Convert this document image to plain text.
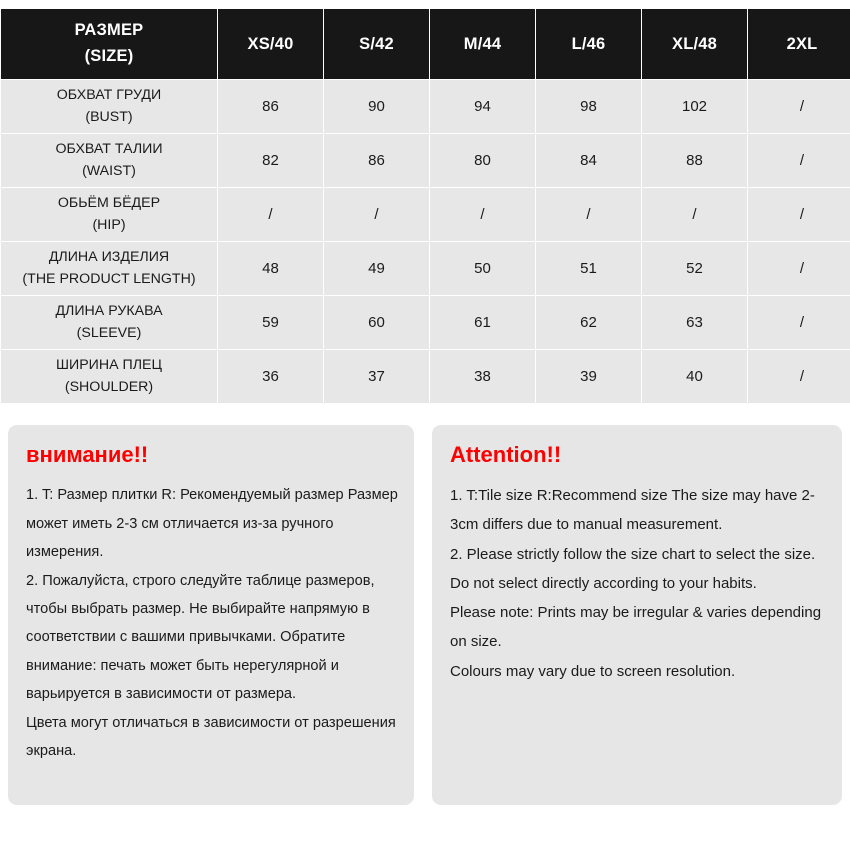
РАЗМЕР
(SIZE)	XS/40	S/42	M/44	L/46	XL/48	2XL

ОБХВАТ ГРУДИ
(BUST)	86	90	94	98	102	/

ОБХВАТ ТАЛИИ
(WAIST)	82	86	80	84	88	/

ОБЬЁМ БЁДЕР
(HIP)	/	/	/	/	/	/

ДЛИНА ИЗДЕЛИЯ
(THE PRODUCT LENGTH)	48	49	50	51	52	/

ДЛИНА РУКАВА
(SLEEVE)	59	60	61	62	63	/

ШИРИНА ПЛЕЦ
(SHOULDER)	36	37	38	39	40	/
внимание!!

1. T: Размер плитки R: Рекомендуемый размер Размер может иметь 2-3 см отличается из-за ручного измерения.

2. Пожалуйста, строго следуйте таблице размеров, чтобы выбрать размер. Не выбирайте напрямую в соответствии с вашими привычками. Обратите внимание: печать может быть нерегулярной и варьируется в зависимости от размера.

Цвета могут отличаться в зависимости от разрешения экрана.

Attention!!

1. T:Tile size R:Recommend size The size may have 2-3cm differs due to manual measurement.

2. Please strictly follow the size chart to select the size. Do not select directly according to your habits.

Please note: Prints may be irregular & varies depending on size.

Colours may vary due to screen resolution.
